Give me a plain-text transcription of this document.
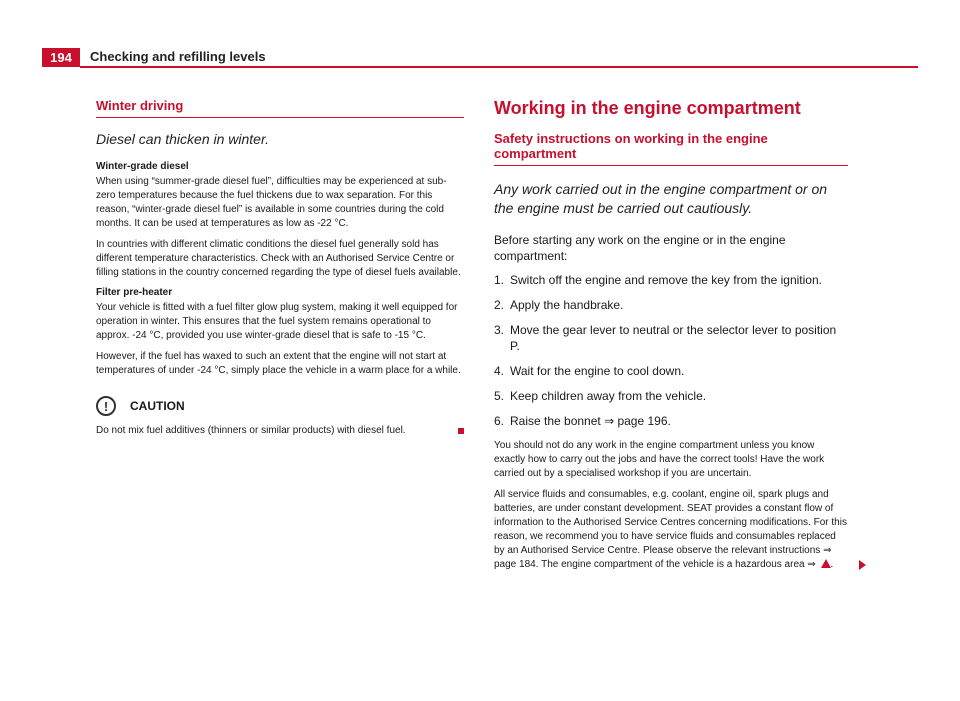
194	Checking and refilling levels
Winter driving
Diesel can thicken in winter.
Winter-grade diesel

When using “summer-grade diesel fuel”, difficulties may be experienced at sub-zero temperatures because the fuel thickens due to wax separation. For this reason, “winter-grade diesel fuel” is available in some countries during the cold months. It can be used at temperatures as low as -22 °C.

In countries with different climatic conditions the diesel fuel generally sold has different temperature characteristics. Check with an Authorised Service Centre or filling stations in the country concerned regarding the type of diesel fuels available.

Filter pre-heater

Your vehicle is fitted with a fuel filter glow plug system, making it well equipped for operation in winter. This ensures that the fuel system remains operational to approx. -24 °C, provided you use winter-grade diesel that is safe to -15 °C.

However, if the fuel has waxed to such an extent that the engine will not start at temperatures of under -24 °C, simply place the vehicle in a warm place for a while.

!	CAUTION

Do not mix fuel additives (thinners or similar products) with diesel fuel.

Working in the engine compartment
Safety instructions on working in the engine compartment
Any work carried out in the engine compartment or on the engine must be carried out cautiously.

Before starting any work on the engine or in the engine compartment:

1. Switch off the engine and remove the key from the ignition.
2. Apply the handbrake.
3. Move the gear lever to neutral or the selector lever to position P.
4. Wait for the engine to cool down.
5. Keep children away from the vehicle.
6. Raise the bonnet ⇒ page 196.

You should not do any work in the engine compartment unless you know exactly how to carry out the jobs and have the correct tools! Have the work carried out by a specialised workshop if you are uncertain.

All service fluids and consumables, e.g. coolant, engine oil, spark plugs and batteries, are under constant development. SEAT provides a constant flow of information to the Authorised Service Centres concerning modifications. For this reason, we recommend you to have service fluids and consumables replaced by an Authorised Service Centre. Please observe the relevant instructions ⇒ page 184. The engine compartment of the vehicle is a hazardous area ⇒ .
